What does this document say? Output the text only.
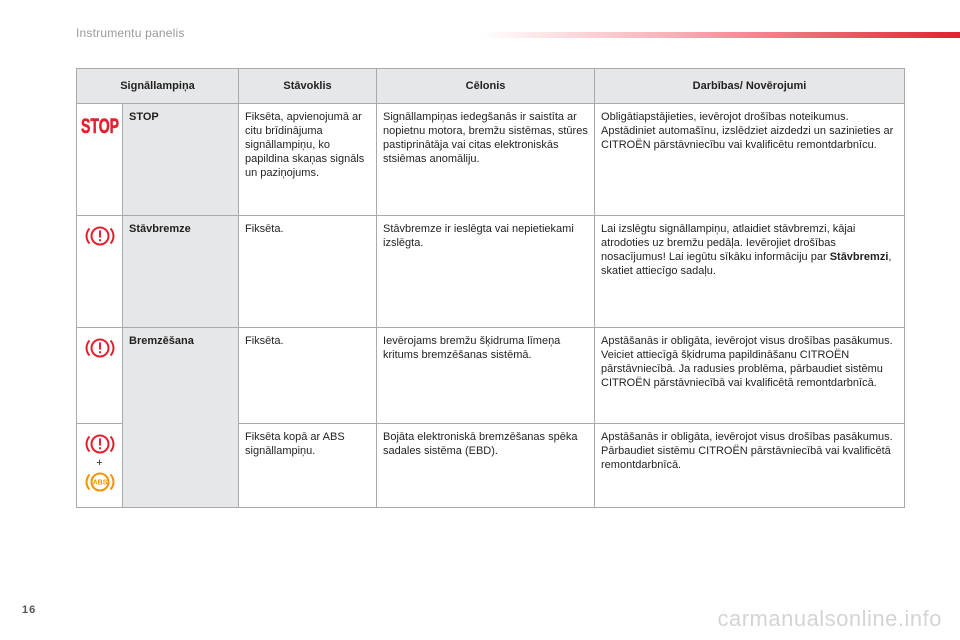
Instrumentu panelis
Signāllampiņa		Stāvoklis	Cēlonis	Darbības/ Novērojumi

STOP	STOP	Fiksēta, apvienojumā ar citu brīdinājuma signāllampiņu, ko papildina skaņas signāls un paziņojums.	Signāllampiņas iedegšanās ir saistīta ar nopietnu motora, bremžu sistēmas, stūres pastiprinātāja vai citas elektroniskās stsiēmas anomāliju.	Obligātiapstājieties, ievērojot drošības noteikumus. Apstādiniet automašīnu, izslēdziet aizdedzi un sazinieties ar CITROËN pārstāvniecību vai kvalificētu remontdarbnīcu.

	Stāvbremze	Fiksēta.	Stāvbremze ir ieslēgta vai nepietiekami izslēgta.	Lai izslēgtu signāllampiņu, atlaidiet stāvbremzi, kājai atrodoties uz bremžu pedāļa. Ievērojiet drošības nosacījumus! Lai iegūtu sīkāku informāciju par Stāvbremzi, skatiet attiecīgo sadaļu.

	Bremzēšana	Fiksēta.	Ievērojams bremžu šķidruma līmeņa kritums bremzēšanas sistēmā.	Apstāšanās ir obligāta, ievērojot visus drošības pasākumus. Veiciet attiecīgā šķidruma papildināšanu CITROËN pārstāvniecībā. Ja radusies problēma, pārbaudiet sistēmu CITROËN pārstāvniecībā vai kvalificētā remontdarbnīcā.

+
ABS		Fiksēta kopā ar ABS signāllampiņu.	Bojāta elektroniskā bremzēšanas spēka sadales sistēma (EBD).	Apstāšanās ir obligāta, ievērojot visus drošības pasākumus. Pārbaudiet sistēmu CITROËN pārstāvniecībā vai kvalificētā remontdarbnīcā.
16	carmanualsonline.info
